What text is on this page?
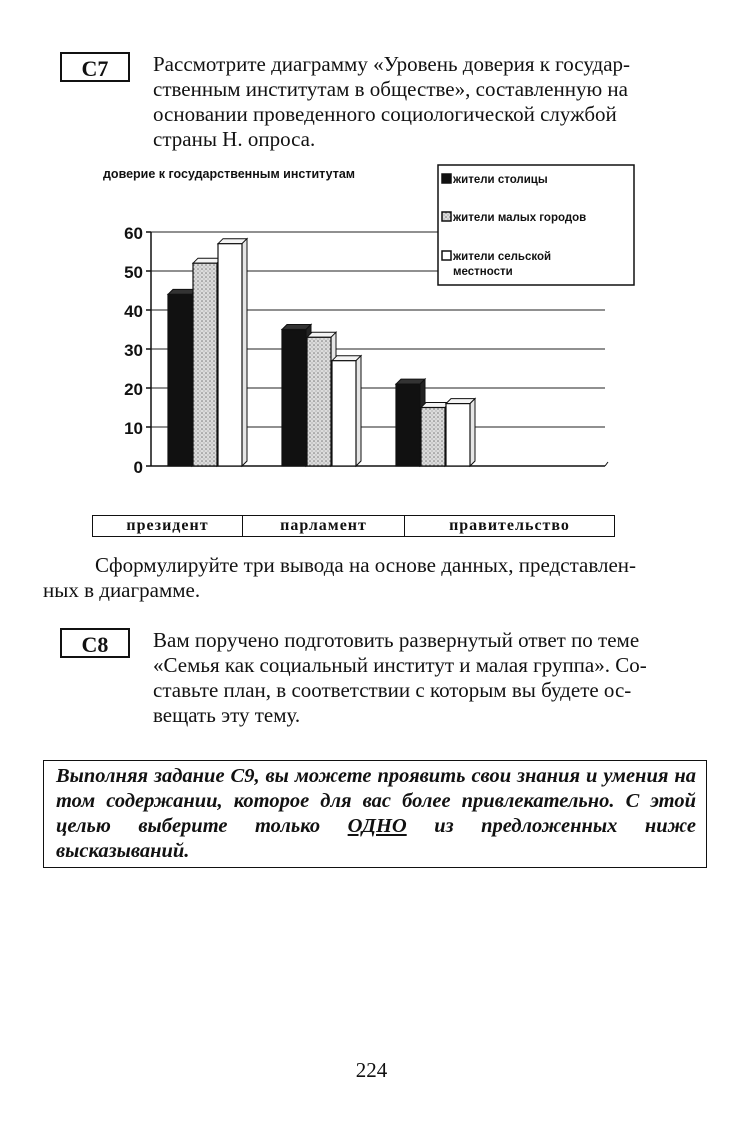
С7	Рассмотрите диаграмму «Уровень доверия к государ-
ственным институтам в обществе», составленную на
основании проведенного социологической службой
страны Н. опроса.
доверие к государственным институтам
0
10
20
30
40
50
60
жители столицы
жители малых городов
жители сельской
местности
президент	парламент	правительство
Сформулируйте три вывода на основе данных, представлен-
ных в диаграмме.
С8	Вам поручено подготовить развернутый ответ по теме
«Семья как социальный институт и малая группа». Со-
ставьте план, в соответствии с которым вы будете ос-
вещать эту тему.
Выполняя задание С9, вы можете проявить свои знания и умения на том содержании, которое для вас более привлекательно. С этой целью выберите только ОДНО из предложенных ниже высказываний.
224
